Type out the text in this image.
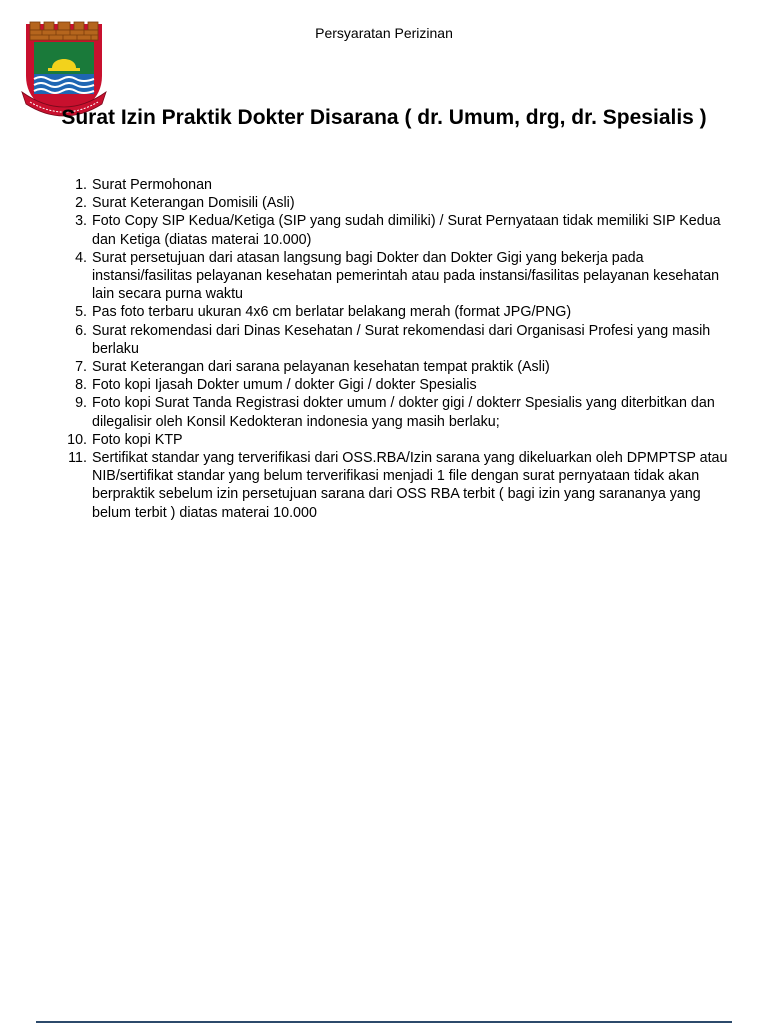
Persyaratan Perizinan
Surat Izin Praktik Dokter Disarana ( dr. Umum, drg, dr. Spesialis )
1. Surat Permohonan
2. Surat Keterangan Domisili (Asli)
3. Foto Copy SIP Kedua/Ketiga (SIP yang sudah dimiliki) / Surat Pernyataan tidak memiliki SIP Kedua dan Ketiga (diatas materai 10.000)
4. Surat persetujuan dari atasan langsung bagi Dokter dan Dokter Gigi yang bekerja pada instansi/fasilitas pelayanan kesehatan pemerintah atau pada instansi/fasilitas pelayanan kesehatan lain secara purna waktu
5. Pas foto terbaru ukuran 4x6 cm berlatar belakang merah (format JPG/PNG)
6. Surat rekomendasi dari Dinas Kesehatan / Surat rekomendasi dari Organisasi Profesi yang masih berlaku
7. Surat Keterangan dari sarana pelayanan kesehatan tempat praktik (Asli)
8. Foto kopi Ijasah Dokter umum / dokter Gigi / dokter Spesialis
9. Foto kopi Surat Tanda Registrasi dokter umum / dokter gigi / dokterr Spesialis yang diterbitkan dan dilegalisir oleh Konsil Kedokteran indonesia yang masih berlaku;
10. Foto kopi KTP
11. Sertifikat standar yang terverifikasi dari OSS.RBA/Izin sarana yang dikeluarkan oleh DPMPTSP atau NIB/sertifikat standar yang belum terverifikasi menjadi 1 file dengan surat pernyataan tidak akan berpraktik sebelum izin persetujuan sarana dari OSS RBA terbit ( bagi izin yang sarananya yang belum terbit ) diatas materai 10.000
